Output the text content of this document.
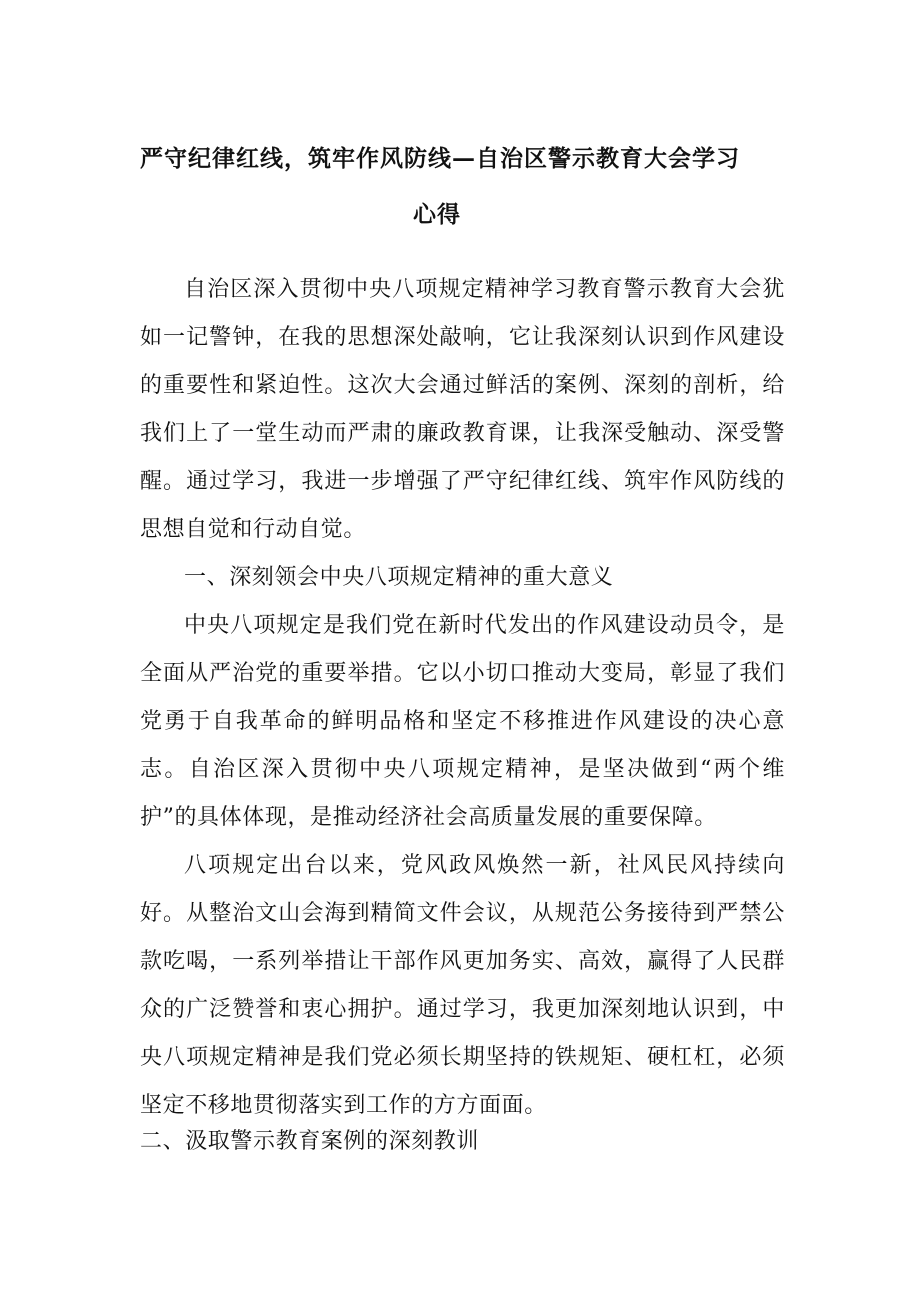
严守纪律红线，筑牢作风防线—自治区警示教育大会学习
心得

自治区深入贯彻中央八项规定精神学习教育警示教育大会犹如一记警钟，在我的思想深处敲响，它让我深刻认识到作风建设的重要性和紧迫性。这次大会通过鲜活的案例、深刻的剖析，给我们上了一堂生动而严肃的廉政教育课，让我深受触动、深受警醒。通过学习，我进一步增强了严守纪律红线、筑牢作风防线的思想自觉和行动自觉。

一、深刻领会中央八项规定精神的重大意义

中央八项规定是我们党在新时代发出的作风建设动员令，是全面从严治党的重要举措。它以小切口推动大变局，彰显了我们党勇于自我革命的鲜明品格和坚定不移推进作风建设的决心意志。自治区深入贯彻中央八项规定精神，是坚决做到“两个维护”的具体体现，是推动经济社会高质量发展的重要保障。

八项规定出台以来，党风政风焕然一新，社风民风持续向好。从整治文山会海到精简文件会议，从规范公务接待到严禁公款吃喝，一系列举措让干部作风更加务实、高效，赢得了人民群众的广泛赞誉和衷心拥护。通过学习，我更加深刻地认识到，中央八项规定精神是我们党必须长期坚持的铁规矩、硬杠杠，必须坚定不移地贯彻落实到工作的方方面面。

二、汲取警示教育案例的深刻教训
